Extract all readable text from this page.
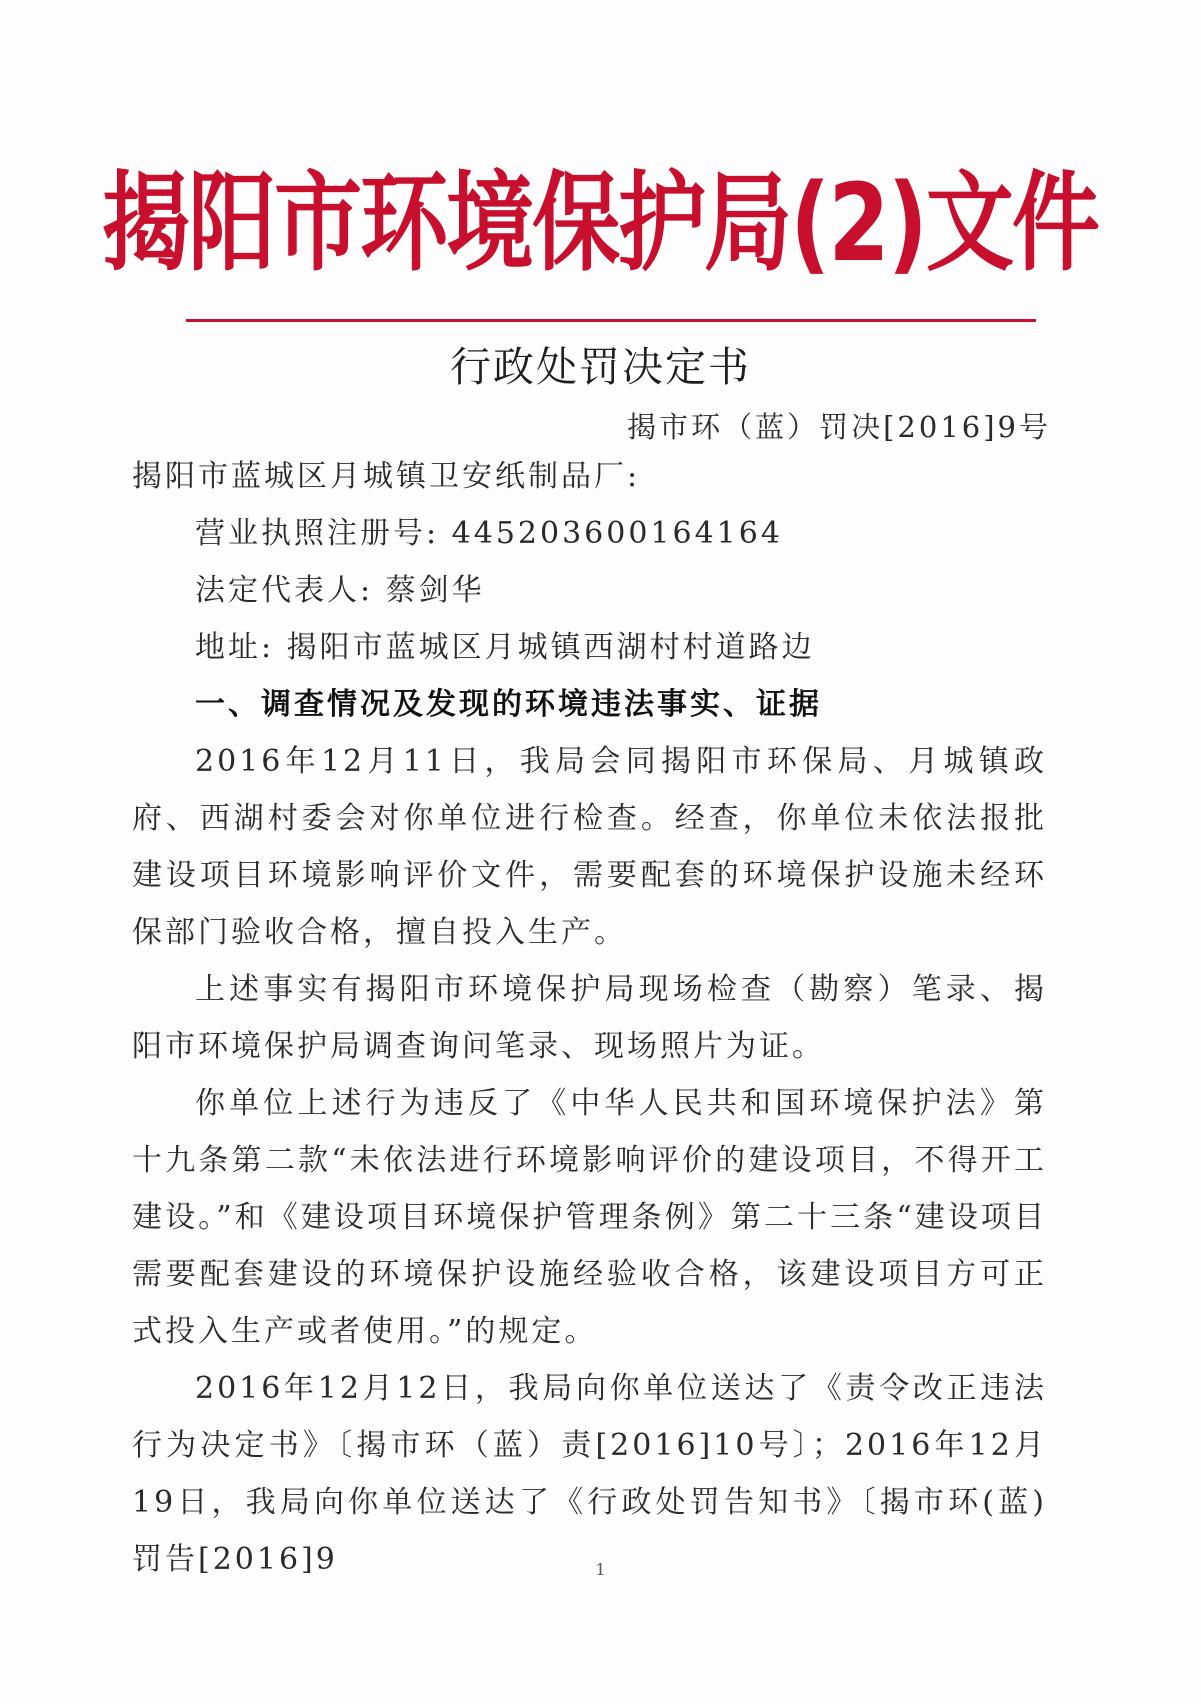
揭阳市环境保护局(2)文件
行政处罚决定书
揭市环（蓝）罚决[2016]9号

揭阳市蓝城区月城镇卫安纸制品厂:

营业执照注册号: 445203600164164

法定代表人: 蔡剑华

地址: 揭阳市蓝城区月城镇西湖村村道路边

一、调查情况及发现的环境违法事实、证据

2016年12月11日，我局会同揭阳市环保局、月城镇政府、西湖村委会对你单位进行检查。经查，你单位未依法报批建设项目环境影响评价文件，需要配套的环境保护设施未经环保部门验收合格，擅自投入生产。

上述事实有揭阳市环境保护局现场检查（勘察）笔录、揭阳市环境保护局调查询问笔录、现场照片为证。

你单位上述行为违反了《中华人民共和国环境保护法》第十九条第二款“未依法进行环境影响评价的建设项目，不得开工建设。”和《建设项目环境保护管理条例》第二十三条“建设项目需要配套建设的环境保护设施经验收合格，该建设项目方可正式投入生产或者使用。”的规定。

2016年12月12日，我局向你单位送达了《责令改正违法行为决定书》〔揭市环（蓝）责[2016]10号〕；2016年12月19日，我局向你单位送达了《行政处罚告知书》〔揭市环(蓝)罚告[2016]9	1
